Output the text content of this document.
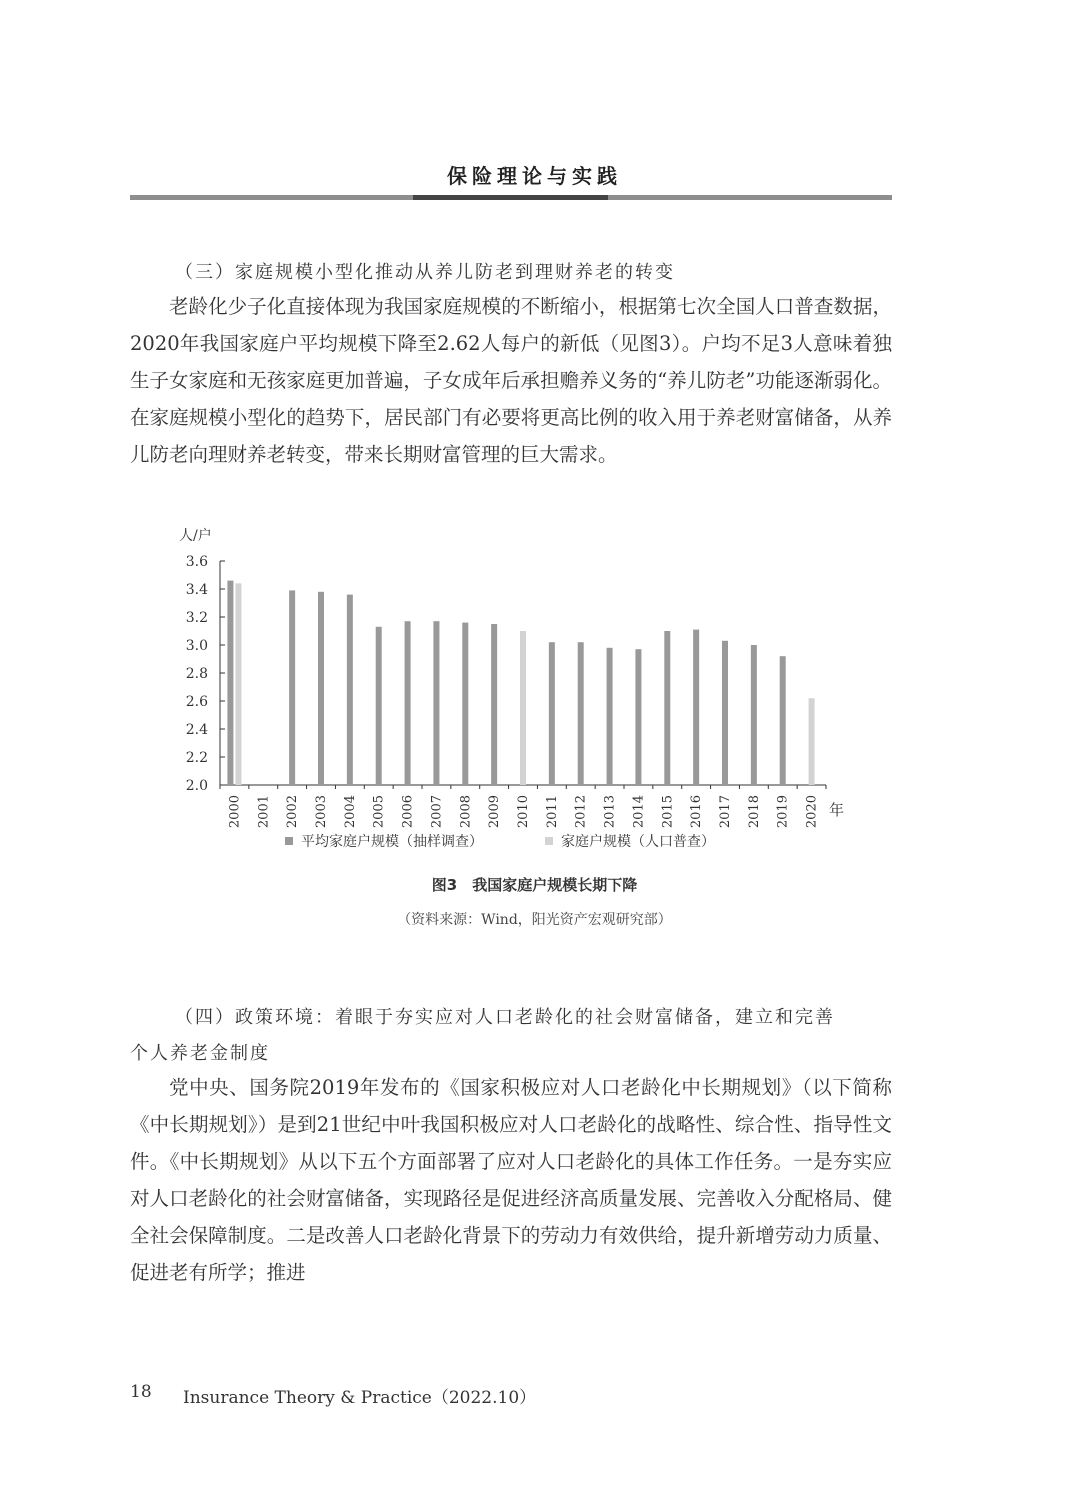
保险理论与实践
（三）家庭规模小型化推动从养儿防老到理财养老的转变
老龄化少子化直接体现为我国家庭规模的不断缩小，根据第七次全国人口普查数据，2020年我国家庭户平均规模下降至2.62人每户的新低（见图3）。户均不足3人意味着独生子女家庭和无孩家庭更加普遍，子女成年后承担赡养义务的“养儿防老”功能逐渐弱化。在家庭规模小型化的趋势下，居民部门有必要将更高比例的收入用于养老财富储备，从养儿防老向理财养老转变，带来长期财富管理的巨大需求。
人/户
2.0
2.2
2.4
2.6
2.8
3.0
3.2
3.4
3.6
2000 2001 2002 2003 2004 2005 2006 2007 2008 2009 2010 2011 2012 2013 2014 2015 2016 2017 2018 2019 2020 年
平均家庭户规模（抽样调查）	家庭户规模（人口普查）
图3　我国家庭户规模长期下降
（资料来源：Wind，阳光资产宏观研究部）
（四）政策环境：着眼于夯实应对人口老龄化的社会财富储备，建立和完善
个人养老金制度
党中央、国务院2019年发布的《国家积极应对人口老龄化中长期规划》（以下简称《中长期规划》）是到21世纪中叶我国积极应对人口老龄化的战略性、综合性、指导性文件。《中长期规划》从以下五个方面部署了应对人口老龄化的具体工作任务。一是夯实应对人口老龄化的社会财富储备，实现路径是促进经济高质量发展、完善收入分配格局、健全社会保障制度。二是改善人口老龄化背景下的劳动力有效供给，提升新增劳动力质量、促进老有所学；推进
18 Insurance Theory & Practice（2022.10）
